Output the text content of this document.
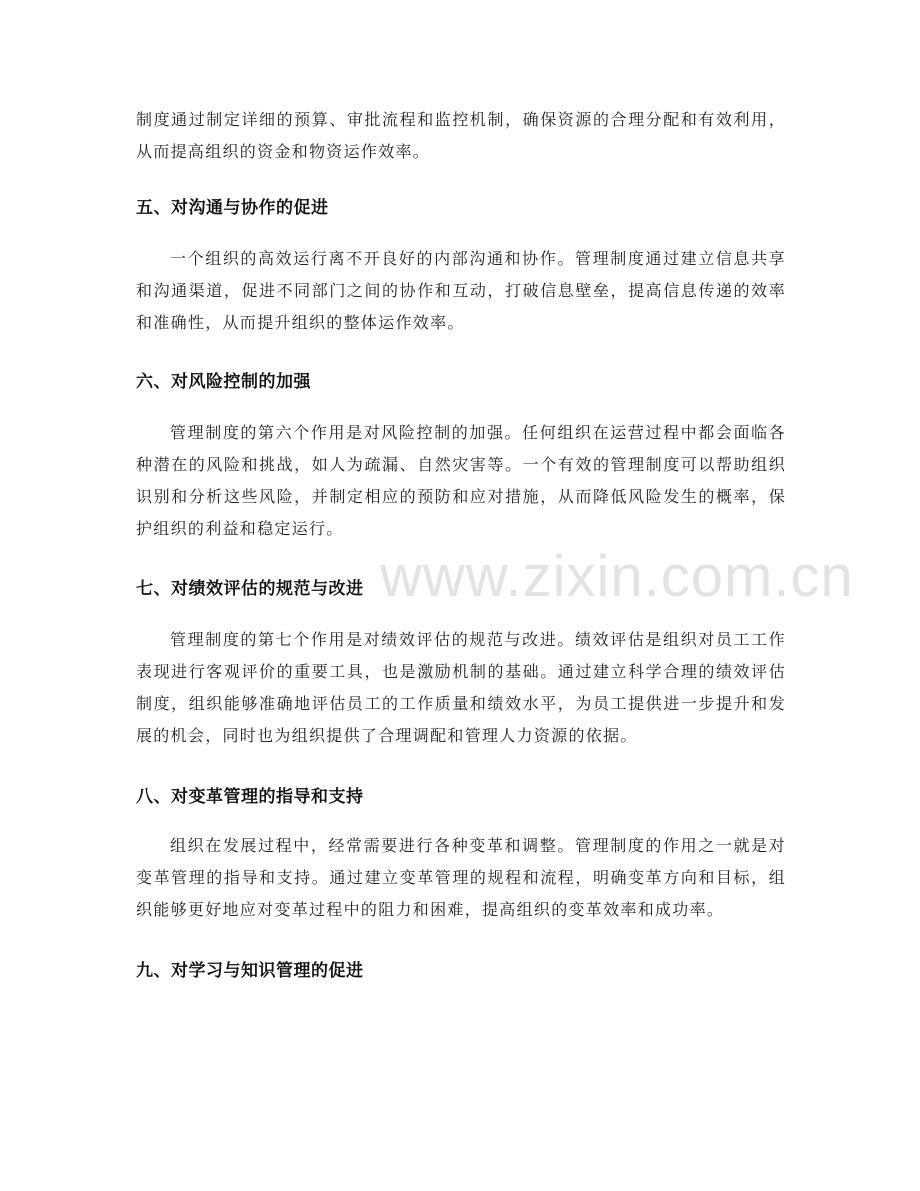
www.zixin.com.cn

制度通过制定详细的预算、审批流程和监控机制，确保资源的合理分配和有效利用，从而提高组织的资金和物资运作效率。

五、对沟通与协作的促进

一个组织的高效运行离不开良好的内部沟通和协作。管理制度通过建立信息共享和沟通渠道，促进不同部门之间的协作和互动，打破信息壁垒，提高信息传递的效率和准确性，从而提升组织的整体运作效率。

六、对风险控制的加强

管理制度的第六个作用是对风险控制的加强。任何组织在运营过程中都会面临各种潜在的风险和挑战，如人为疏漏、自然灾害等。一个有效的管理制度可以帮助组织识别和分析这些风险，并制定相应的预防和应对措施，从而降低风险发生的概率，保护组织的利益和稳定运行。

七、对绩效评估的规范与改进

管理制度的第七个作用是对绩效评估的规范与改进。绩效评估是组织对员工工作表现进行客观评价的重要工具，也是激励机制的基础。通过建立科学合理的绩效评估制度，组织能够准确地评估员工的工作质量和绩效水平，为员工提供进一步提升和发展的机会，同时也为组织提供了合理调配和管理人力资源的依据。

八、对变革管理的指导和支持

组织在发展过程中，经常需要进行各种变革和调整。管理制度的作用之一就是对变革管理的指导和支持。通过建立变革管理的规程和流程，明确变革方向和目标，组织能够更好地应对变革过程中的阻力和困难，提高组织的变革效率和成功率。

九、对学习与知识管理的促进
